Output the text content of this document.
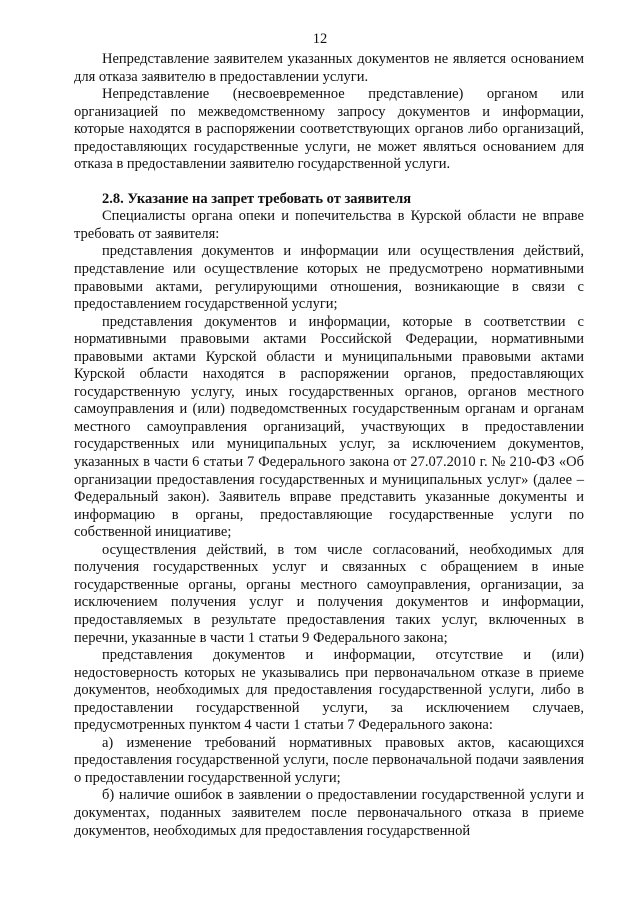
12

Непредставление заявителем указанных документов не является основанием для отказа заявителю в предоставлении услуги.

Непредставление (несвоевременное представление) органом или организацией по межведомственному запросу документов и информации, которые находятся в распоряжении соответствующих органов либо организаций, предоставляющих государственные услуги, не может являться основанием для отказа в предоставлении заявителю государственной услуги.

2.8. Указание на запрет требовать от заявителя

Специалисты органа опеки и попечительства в Курской области не вправе требовать от заявителя:

представления документов и информации или осуществления действий, представление или осуществление которых не предусмотрено нормативными правовыми актами, регулирующими отношения, возникающие в связи с предоставлением государственной услуги;

представления документов и информации, которые в соответствии с нормативными правовыми актами Российской Федерации, нормативными правовыми актами Курской области и муниципальными правовыми актами Курской области находятся в распоряжении органов, предоставляющих государственную услугу, иных государственных органов, органов местного самоуправления и (или) подведомственных государственным органам и органам местного самоуправления организаций, участвующих в предоставлении государственных или муниципальных услуг, за исключением документов, указанных в части 6 статьи 7 Федерального закона от 27.07.2010 г. № 210-ФЗ «Об организации предоставления государственных и муниципальных услуг» (далее – Федеральный закон). Заявитель вправе представить указанные документы и информацию в органы, предоставляющие государственные услуги по собственной инициативе;

осуществления действий, в том числе согласований, необходимых для получения государственных услуг и связанных с обращением в иные государственные органы, органы местного самоуправления, организации, за исключением получения услуг и получения документов и информации, предоставляемых в результате предоставления таких услуг, включенных в перечни, указанные в части 1 статьи 9 Федерального закона;

представления документов и информации, отсутствие и (или) недостоверность которых не указывались при первоначальном отказе в приеме документов, необходимых для предоставления государственной услуги, либо в предоставлении государственной услуги, за исключением случаев, предусмотренных пунктом 4 части 1 статьи 7 Федерального закона:

а) изменение требований нормативных правовых актов, касающихся предоставления государственной услуги, после первоначальной подачи заявления о предоставлении государственной услуги;

б) наличие ошибок в заявлении о предоставлении государственной услуги и документах, поданных заявителем после первоначального отказа в приеме документов, необходимых для предоставления государственной
